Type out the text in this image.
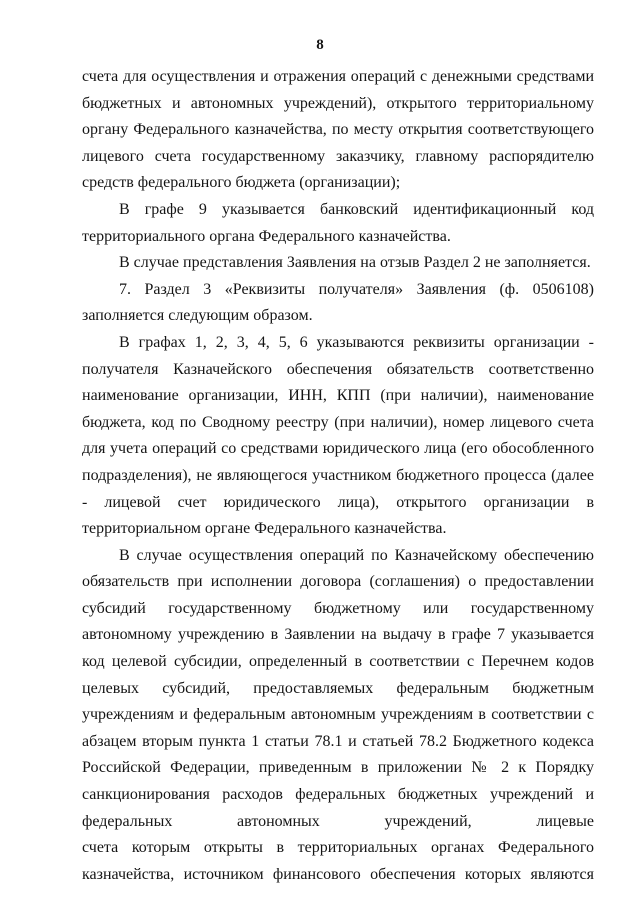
8

счета для осуществления и отражения операций с денежными средствами бюджетных и автономных учреждений), открытого территориальному органу Федерального казначейства, по месту открытия соответствующего лицевого счета государственному заказчику, главному распорядителю средств федерального бюджета (организации);

В графе 9 указывается банковский идентификационный код
территориального органа Федерального казначейства.

В случае представления Заявления на отзыв Раздел 2 не заполняется.

7. Раздел 3 «Реквизиты получателя» Заявления (ф. 0506108) заполняется следующим образом.

В графах 1, 2, 3, 4, 5, 6 указываются реквизиты организации - получателя Казначейского обеспечения обязательств соответственно наименование организации, ИНН, КПП (при наличии), наименование бюджета, код по Сводному реестру (при наличии), номер лицевого счета для учета операций со средствами юридического лица (его обособленного подразделения), не являющегося участником бюджетного процесса (далее - лицевой счет юридического лица), открытого организации в территориальном органе Федерального казначейства.

В случае осуществления операций по Казначейскому обеспечению обязательств при исполнении договора (соглашения) о предоставлении субсидий государственному бюджетному или государственному автономному учреждению в Заявлении на выдачу в графе 7 указывается код целевой субсидии, определенный в соответствии с Перечнем кодов целевых субсидий, предоставляемых федеральным бюджетным учреждениям и федеральным автономным учреждениям в соответствии с абзацем вторым пункта 1 статьи 78.1 и статьей 78.2 Бюджетного кодекса Российской Федерации, приведенным в приложении № 2 к Порядку санкционирования расходов федеральных бюджетных учреждений и федеральных автономных учреждений, лицевые
счета которым открыты в территориальных органах Федерального
казначейства, источником финансового обеспечения которых являются
